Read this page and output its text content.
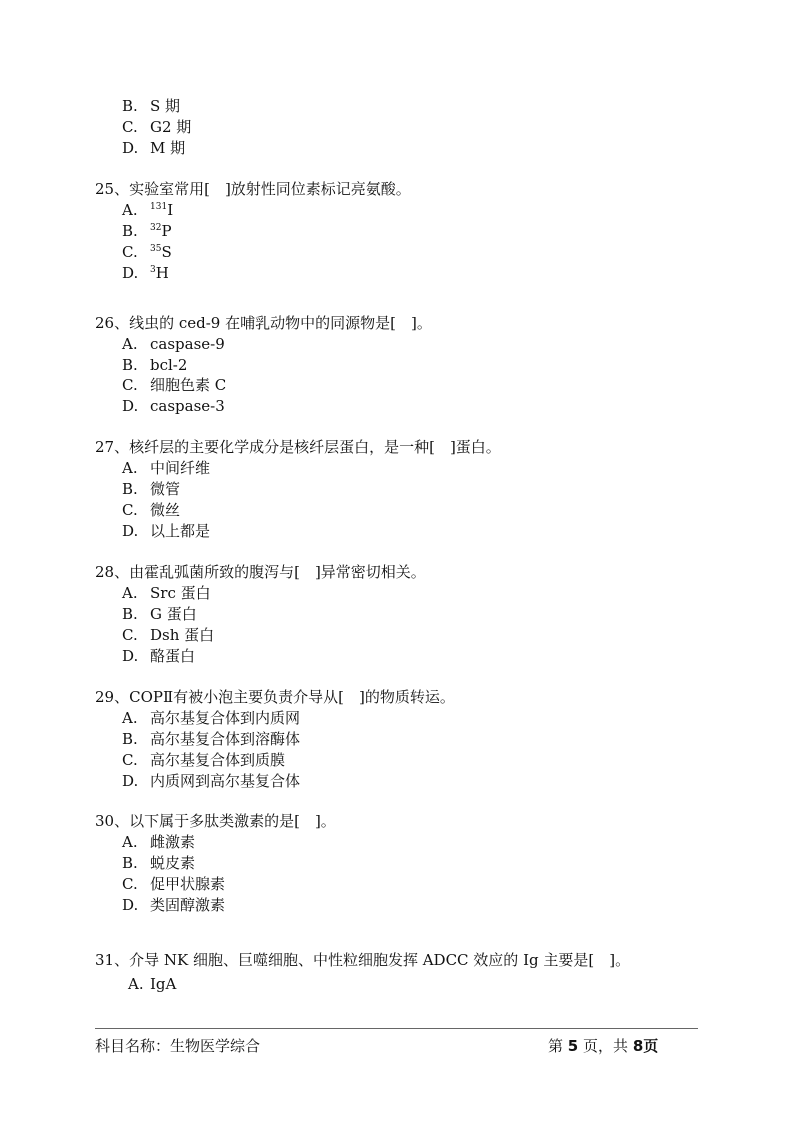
B. S 期
C. G2 期
D. M 期
25、实验室常用[　]放射性同位素标记亮氨酸。
A. $^{131}$I
B. $^{32}$P
C. $^{35}$S
D. $^3$H
26、线虫的 ced-9 在哺乳动物中的同源物是[　]。
A. caspase-9
B. bcl-2
C. 细胞色素 C
D. caspase-3
27、核纤层的主要化学成分是核纤层蛋白，是一种[　]蛋白。
A. 中间纤维
B. 微管
C. 微丝
D. 以上都是
28、由霍乱弧菌所致的腹泻与[　]异常密切相关。
A. Src 蛋白
B. G 蛋白
C. Dsh 蛋白
D. 酪蛋白
29、COPⅡ有被小泡主要负责介导从[　]的物质转运。
A. 高尔基复合体到内质网
B. 高尔基复合体到溶酶体
C. 高尔基复合体到质膜
D. 内质网到高尔基复合体
30、以下属于多肽类激素的是[　]。
A. 雌激素
B. 蜕皮素
C. 促甲状腺素
D. 类固醇激素
31、介导 NK 细胞、巨噬细胞、中性粒细胞发挥 ADCC 效应的 Ig 主要是[　]。
A. IgA
科目名称：生物医学综合	第 5 页，共 8页
